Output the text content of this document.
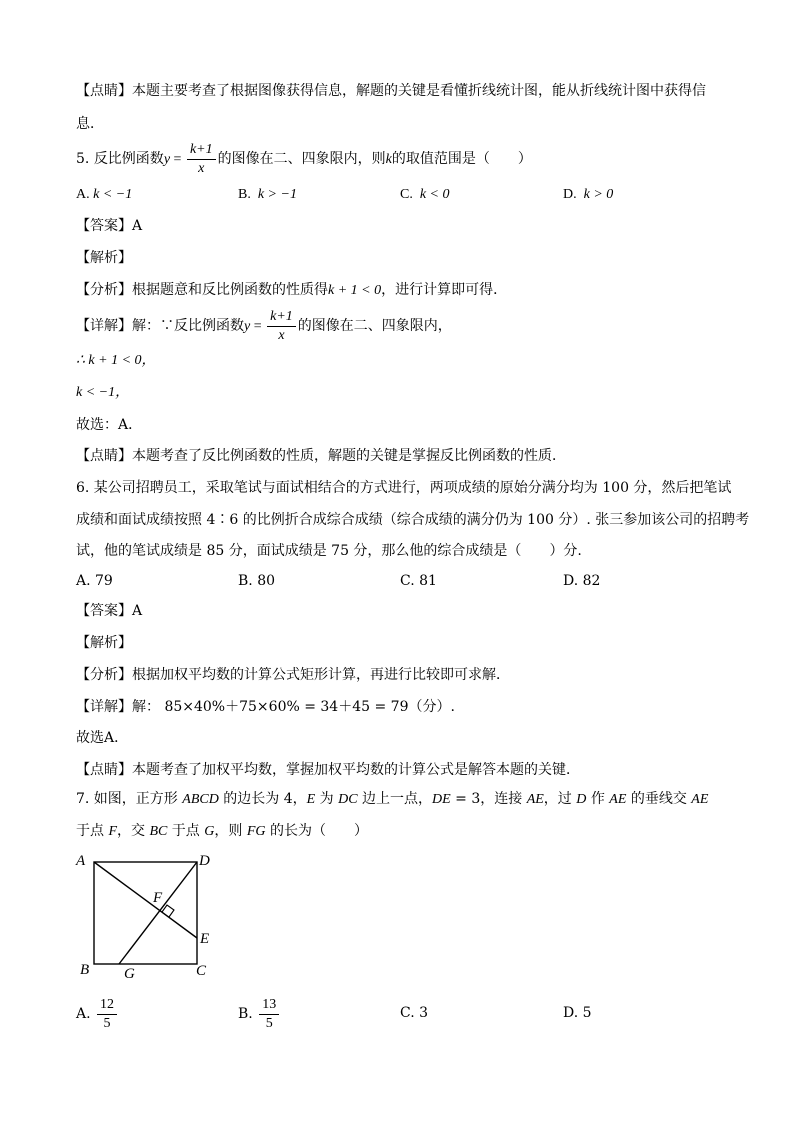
【点睛】本题主要考查了根据图像获得信息，解题的关键是看懂折线统计图，能从折线统计图中获得信
息．
5. 反比例函数$y = \frac{k+1}{x}$ 的图像在二、四象限内，则k的取值范围是（ ）
A. k < −1	B. k > −1	C. k < 0	D. k > 0
【答案】A
【解析】
【分析】根据题意和反比例函数的性质得k + 1 < 0，进行计算即可得．
【详解】解：∵反比例函数$y = \frac{k+1}{x}$ 的图像在二、四象限内，
∴ k + 1 < 0，
k < −1，
故选：A．
【点睛】本题考查了反比例函数的性质，解题的关键是掌握反比例函数的性质．
6. 某公司招聘员工，采取笔试与面试相结合的方式进行，两项成绩的原始分满分均为 100 分，然后把笔试
成绩和面试成绩按照 4∶6 的比例折合成综合成绩（综合成绩的满分仍为 100 分）. 张三参加该公司的招聘考
试，他的笔试成绩是 85 分，面试成绩是 75 分，那么他的综合成绩是（ ）分.
A. 79	B. 80	C. 81	D. 82
【答案】A
【解析】
【分析】根据加权平均数的计算公式矩形计算，再进行比较即可求解．
【详解】解： 85×40%＋75×60% = 34＋45 = 79（分）.
故选A．
【点睛】本题考查了加权平均数，掌握加权平均数的计算公式是解答本题的关键．
7. 如图，正方形 ABCD 的边长为 4，E 为 DC 边上一点，DE = 3，连接 AE，过 D 作 AE 的垂线交 AE
于点 F，交 BC 于点 G，则 FG 的长为（ ）
A	D
F
E
B G	C
A. $\frac{12}{5}$	B. $\frac{13}{5}$	C. 3	D. 5
